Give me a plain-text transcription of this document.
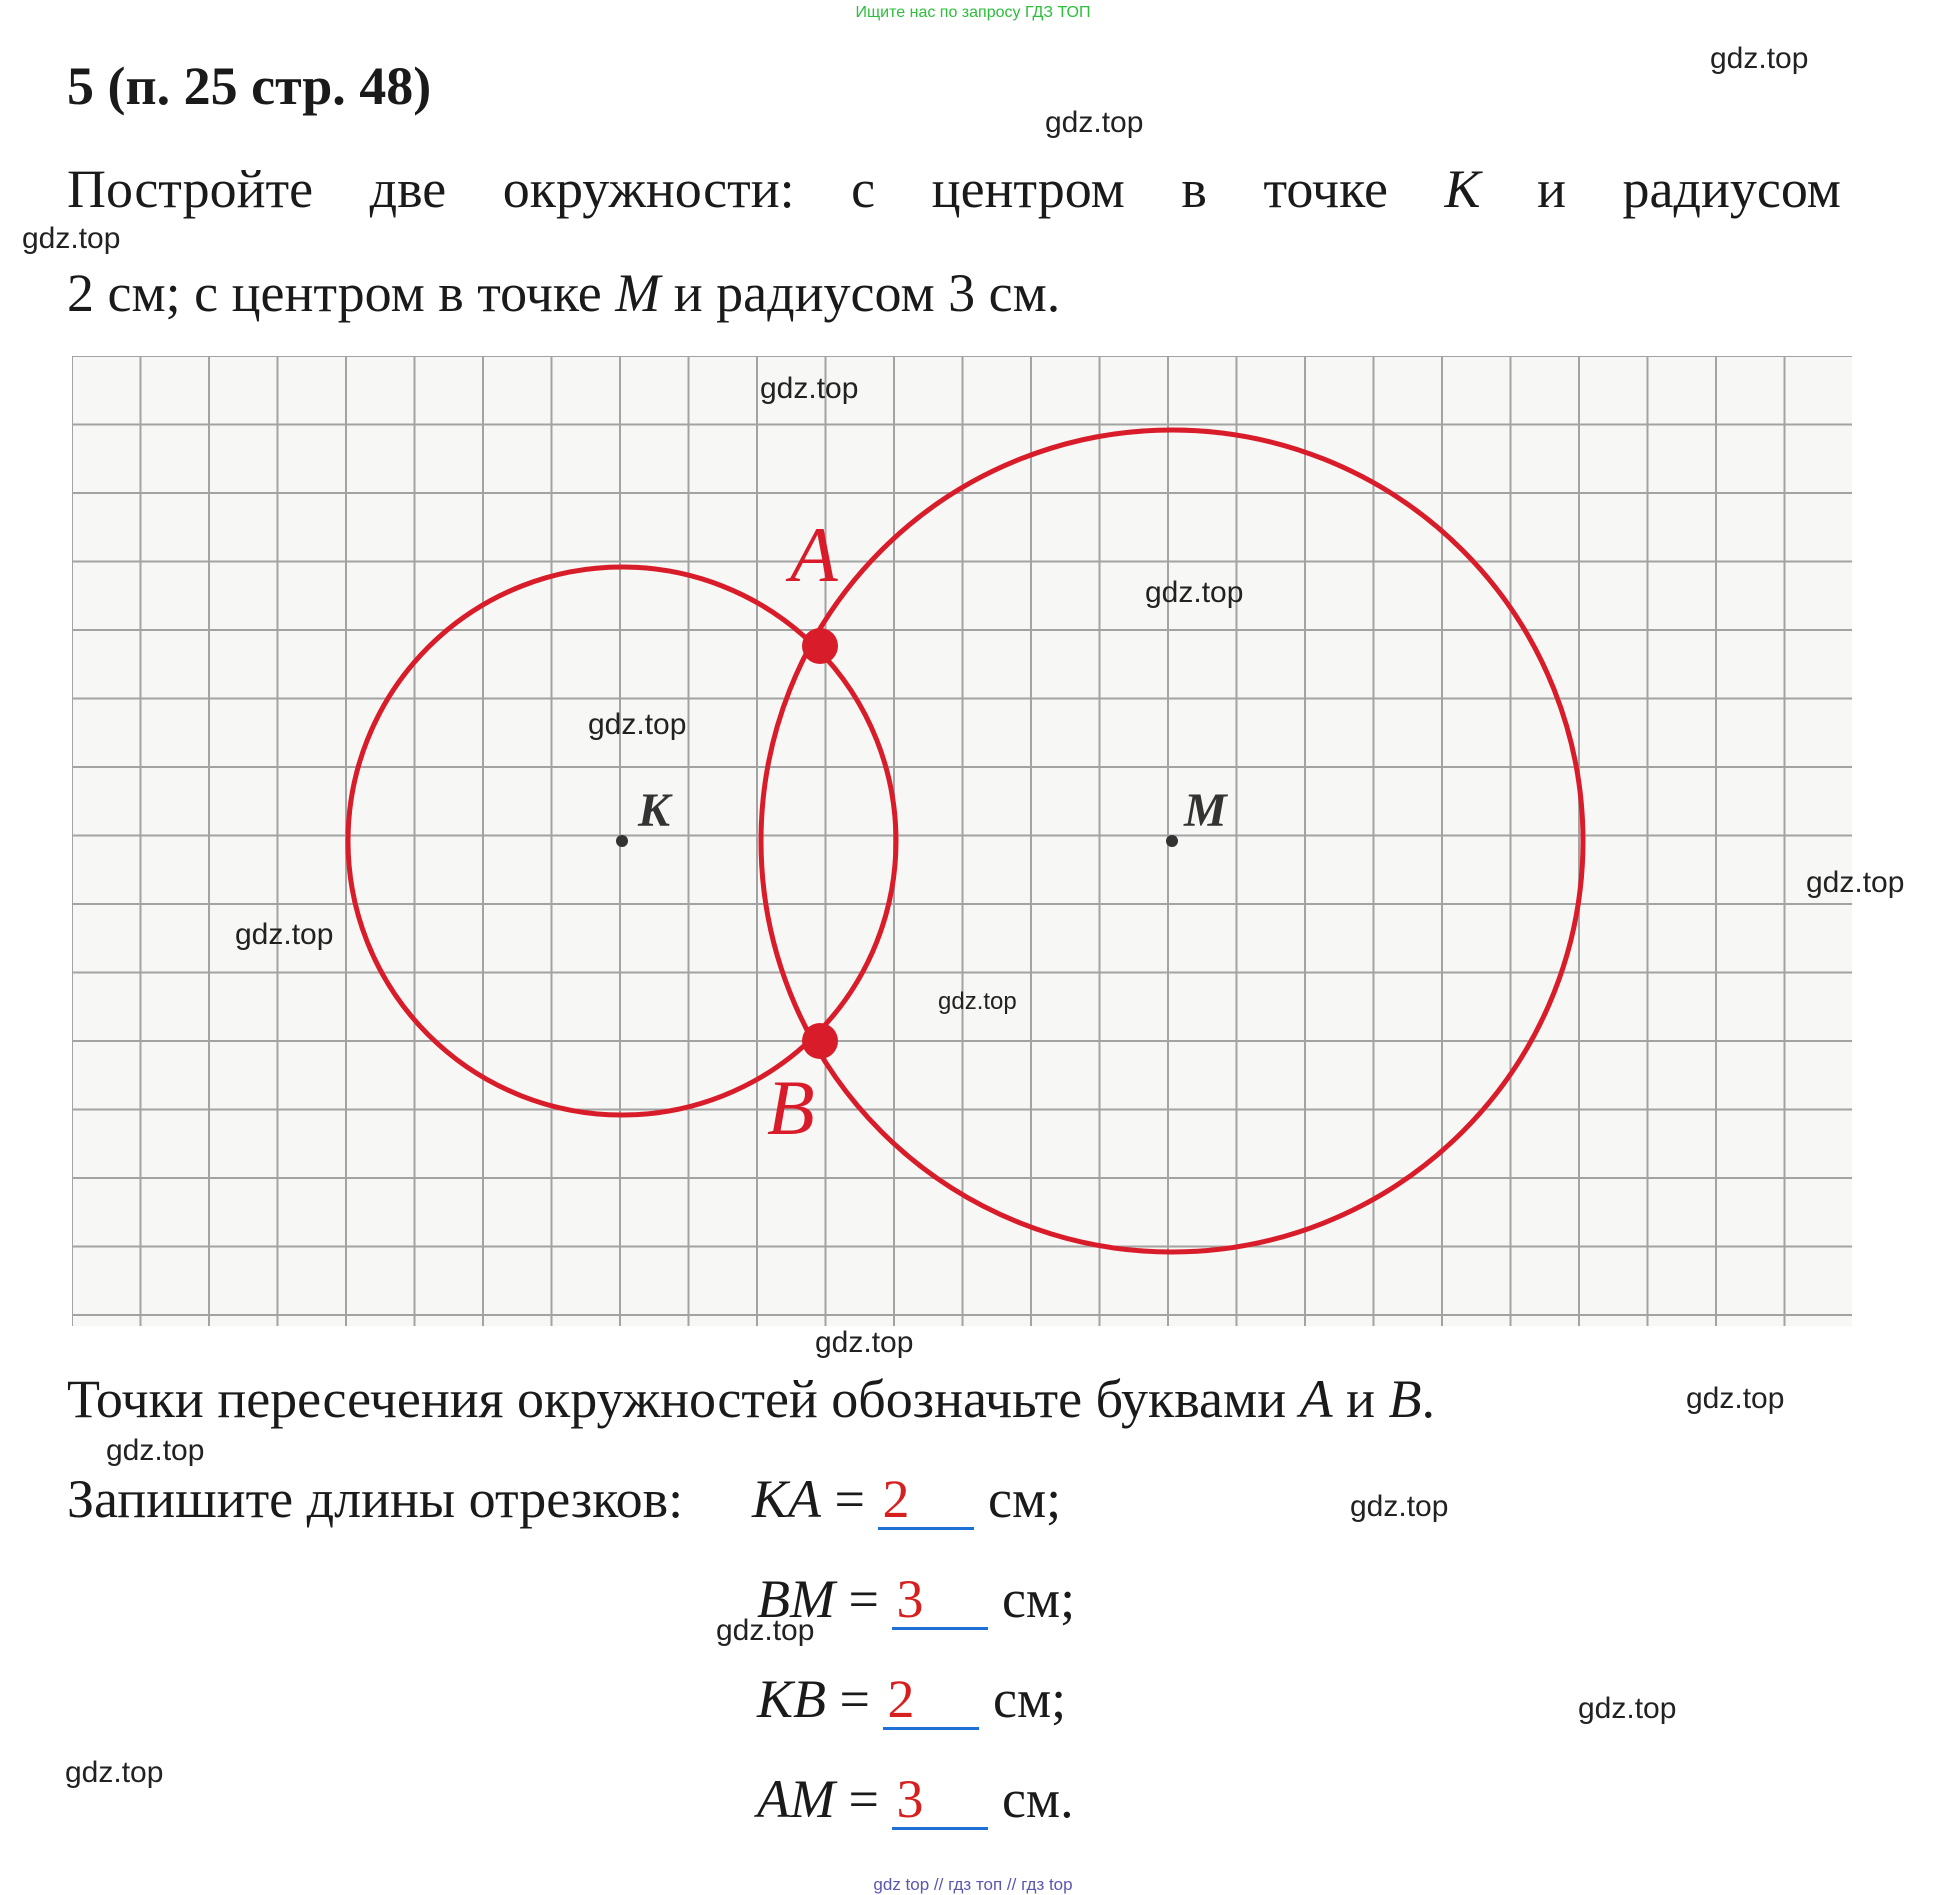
Ищите нас по запросу ГДЗ ТОП
5 (п. 25 стр. 48)
Постройте две окружности: с центром в точке K и радиусом
2 см; с центром в точке M и радиусом 3 см.
K	M
A
B
Точки пересечения окружностей обозначьте буквами A и B.
Запишите длины отрезков: KA = 2 см;
BM = 3 см;
KB = 2 см;
AM = 3 см.
gdz.top
gdz.top
gdz.top
gdz.top
gdz.top
gdz.top
gdz.top
gdz.top
gdz.top
gdz.top
gdz.top
gdz.top
gdz.top
gdz.top
gdz.top
gdz.top
gdz top // гдз топ // гдз top
